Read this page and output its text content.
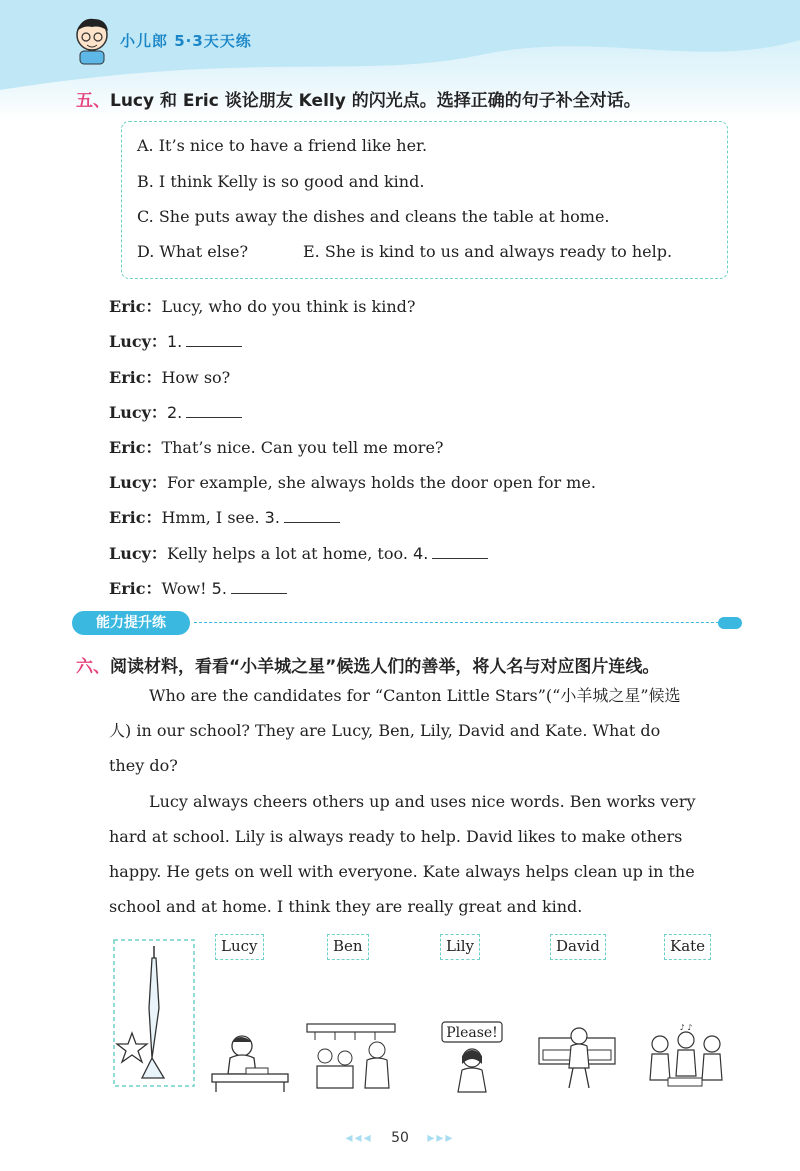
小儿郎 5·3天天练
五、Lucy 和 Eric 谈论朋友 Kelly 的闪光点。选择正确的句子补全对话。
A. It’s nice to have a friend like her.
B. I think Kelly is so good and kind.
C. She puts away the dishes and cleans the table at home.
D. What else?	E. She is kind to us and always ready to help.
Eric：Lucy, who do you think is kind?
Lucy：1.
Eric：How so?
Lucy：2.
Eric：That’s nice. Can you tell me more?
Lucy：For example, she always holds the door open for me.
Eric：Hmm, I see. 3.
Lucy：Kelly helps a lot at home, too. 4.
Eric：Wow! 5.
能力提升练
六、阅读材料，看看“小羊城之星”候选人们的善举，将人名与对应图片连线。
Who are the candidates for “Canton Little Stars”(“小羊城之星”候选
人) in our school? They are Lucy, Ben, Lily, David and Kate. What do
they do?
Lucy always cheers others up and uses nice words. Ben works very
hard at school. Lily is always ready to help. David likes to make others
happy. He gets on well with everyone. Kate always helps clean up in the
school and at home. I think they are really great and kind.
Lucy	Ben	Lily	David	Kate
Please!	♪ ♪
◂◂◂ 50 ▸▸▸
